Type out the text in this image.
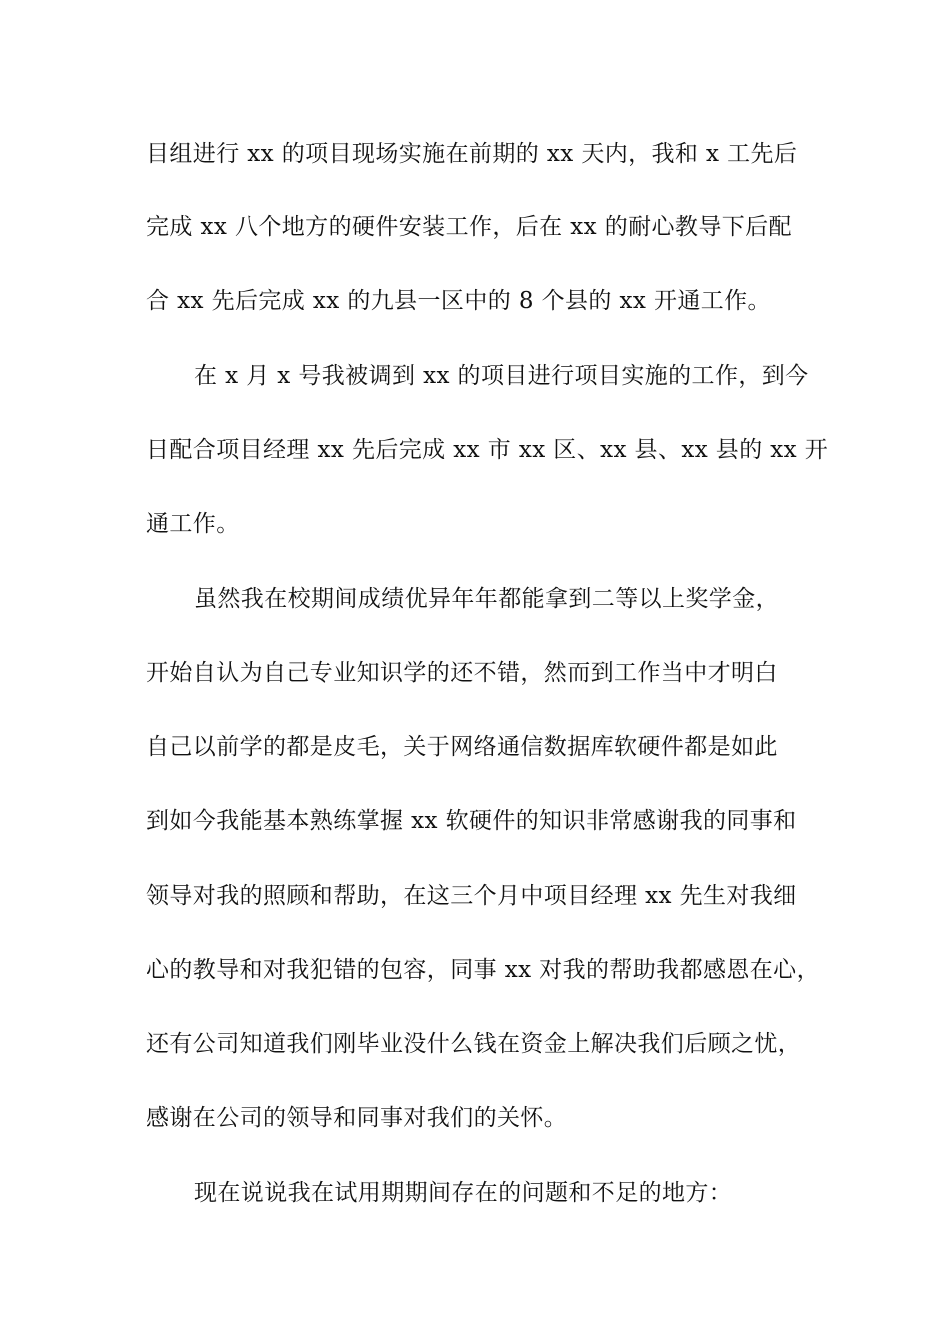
目组进行 xx 的项目现场实施在前期的 xx 天内，我和 x 工先后
完成 xx 八个地方的硬件安装工作，后在 xx 的耐心教导下后配
合 xx 先后完成 xx 的九县一区中的 8 个县的 xx 开通工作。
在 x 月 x 号我被调到 xx 的项目进行项目实施的工作，到今
日配合项目经理 xx 先后完成 xx 市 xx 区、xx 县、xx 县的 xx 开
通工作。
虽然我在校期间成绩优异年年都能拿到二等以上奖学金，
开始自认为自己专业知识学的还不错，然而到工作当中才明白
自己以前学的都是皮毛，关于网络通信数据库软硬件都是如此
到如今我能基本熟练掌握 xx 软硬件的知识非常感谢我的同事和
领导对我的照顾和帮助，在这三个月中项目经理 xx 先生对我细
心的教导和对我犯错的包容，同事 xx 对我的帮助我都感恩在心，
还有公司知道我们刚毕业没什么钱在资金上解决我们后顾之忧，
感谢在公司的领导和同事对我们的关怀。
现在说说我在试用期期间存在的问题和不足的地方：
